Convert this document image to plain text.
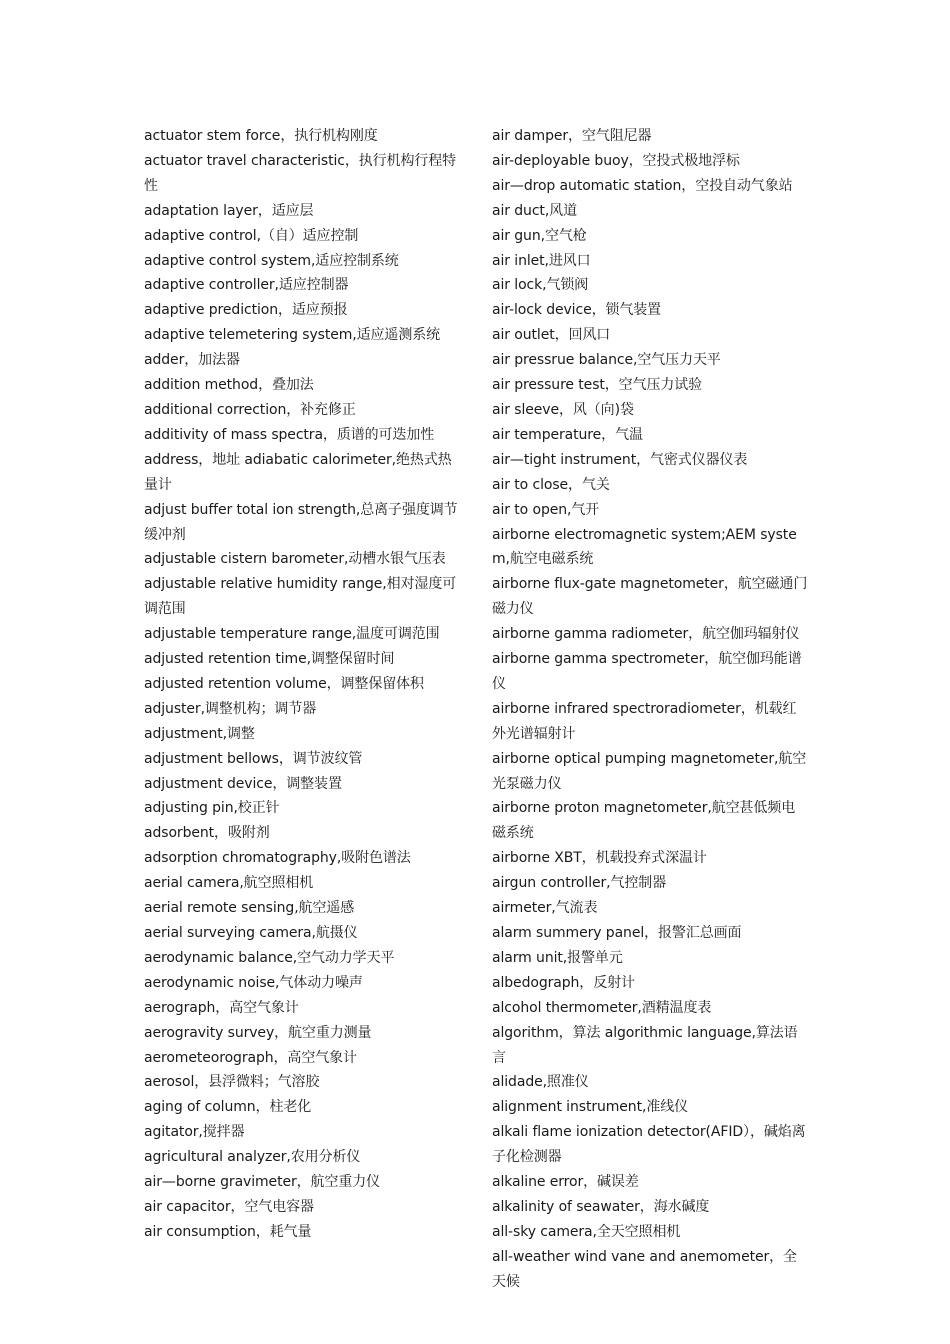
actuator stem force，执行机构刚度
actuator travel characteristic，执行机构行程特性
adaptation layer，适应层
adaptive control,（自）适应控制
adaptive control system,适应控制系统
adaptive controller,适应控制器
adaptive prediction，适应预报
adaptive telemetering system,适应遥测系统
adder，加法器
addition method，叠加法
additional correction，补充修正
additivity of mass spectra，质谱的可迭加性
address，地址 adiabatic calorimeter,绝热式热量计
adjust buffer total ion strength,总离子强度调节缓冲剂
adjustable cistern barometer,动槽水银气压表
adjustable relative humidity range,相对湿度可调范围
adjustable temperature range,温度可调范围
adjusted retention time,调整保留时间
adjusted retention volume，调整保留体积
adjuster,调整机构；调节器
adjustment,调整
adjustment bellows，调节波纹管
adjustment device，调整装置
adjusting pin,校正针
adsorbent，吸附剂
adsorption chromatography,吸附色谱法
aerial camera,航空照相机
aerial remote sensing,航空遥感
aerial surveying camera,航摄仪
aerodynamic balance,空气动力学天平
aerodynamic noise,气体动力噪声
aerograph，高空气象计
aerogravity survey，航空重力测量
aerometeorograph，高空气象计
aerosol，县浮微料；气溶胶
aging of column，柱老化
agitator,搅拌器
agricultural analyzer,农用分析仪
air—borne gravimeter，航空重力仪
air capacitor，空气电容器
air consumption，耗气量
air damper，空气阻尼器
air-deployable buoy，空投式极地浮标
air—drop automatic station，空投自动气象站
air duct,风道
air gun,空气枪
air inlet,进风口
air lock,气锁阀
air-lock device，锁气装置
air outlet，回风口
air pressrue balance,空气压力天平
air pressure test，空气压力试验
air sleeve，风（向)袋
air temperature，气温
air—tight instrument，气密式仪器仪表
air to close，气关
air to open,气开
airborne electromagnetic system;AEM system,航空电磁系统
airborne flux-gate magnetometer，航空磁通门磁力仪
airborne gamma radiometer，航空伽玛辐射仪
airborne gamma spectrometer，航空伽玛能谱仪
airborne infrared spectroradiometer，机载红外光谱辐射计
airborne optical pumping magnetometer,航空光泵磁力仪
airborne proton magnetometer,航空甚低频电磁系统
airborne XBT，机载投弃式深温计
airgun controller,气控制器
airmeter,气流表
alarm summery panel，报警汇总画面
alarm unit,报警单元
albedograph，反射计
alcohol thermometer,酒精温度表
algorithm，算法 algorithmic language,算法语言
alidade,照准仪
alignment instrument,准线仪
alkali flame ionization detector(AFID），碱焰离子化检测器
alkaline error，碱误差
alkalinity of seawater，海水碱度
all-sky camera,全天空照相机
all-weather wind vane and anemometer，全天候
